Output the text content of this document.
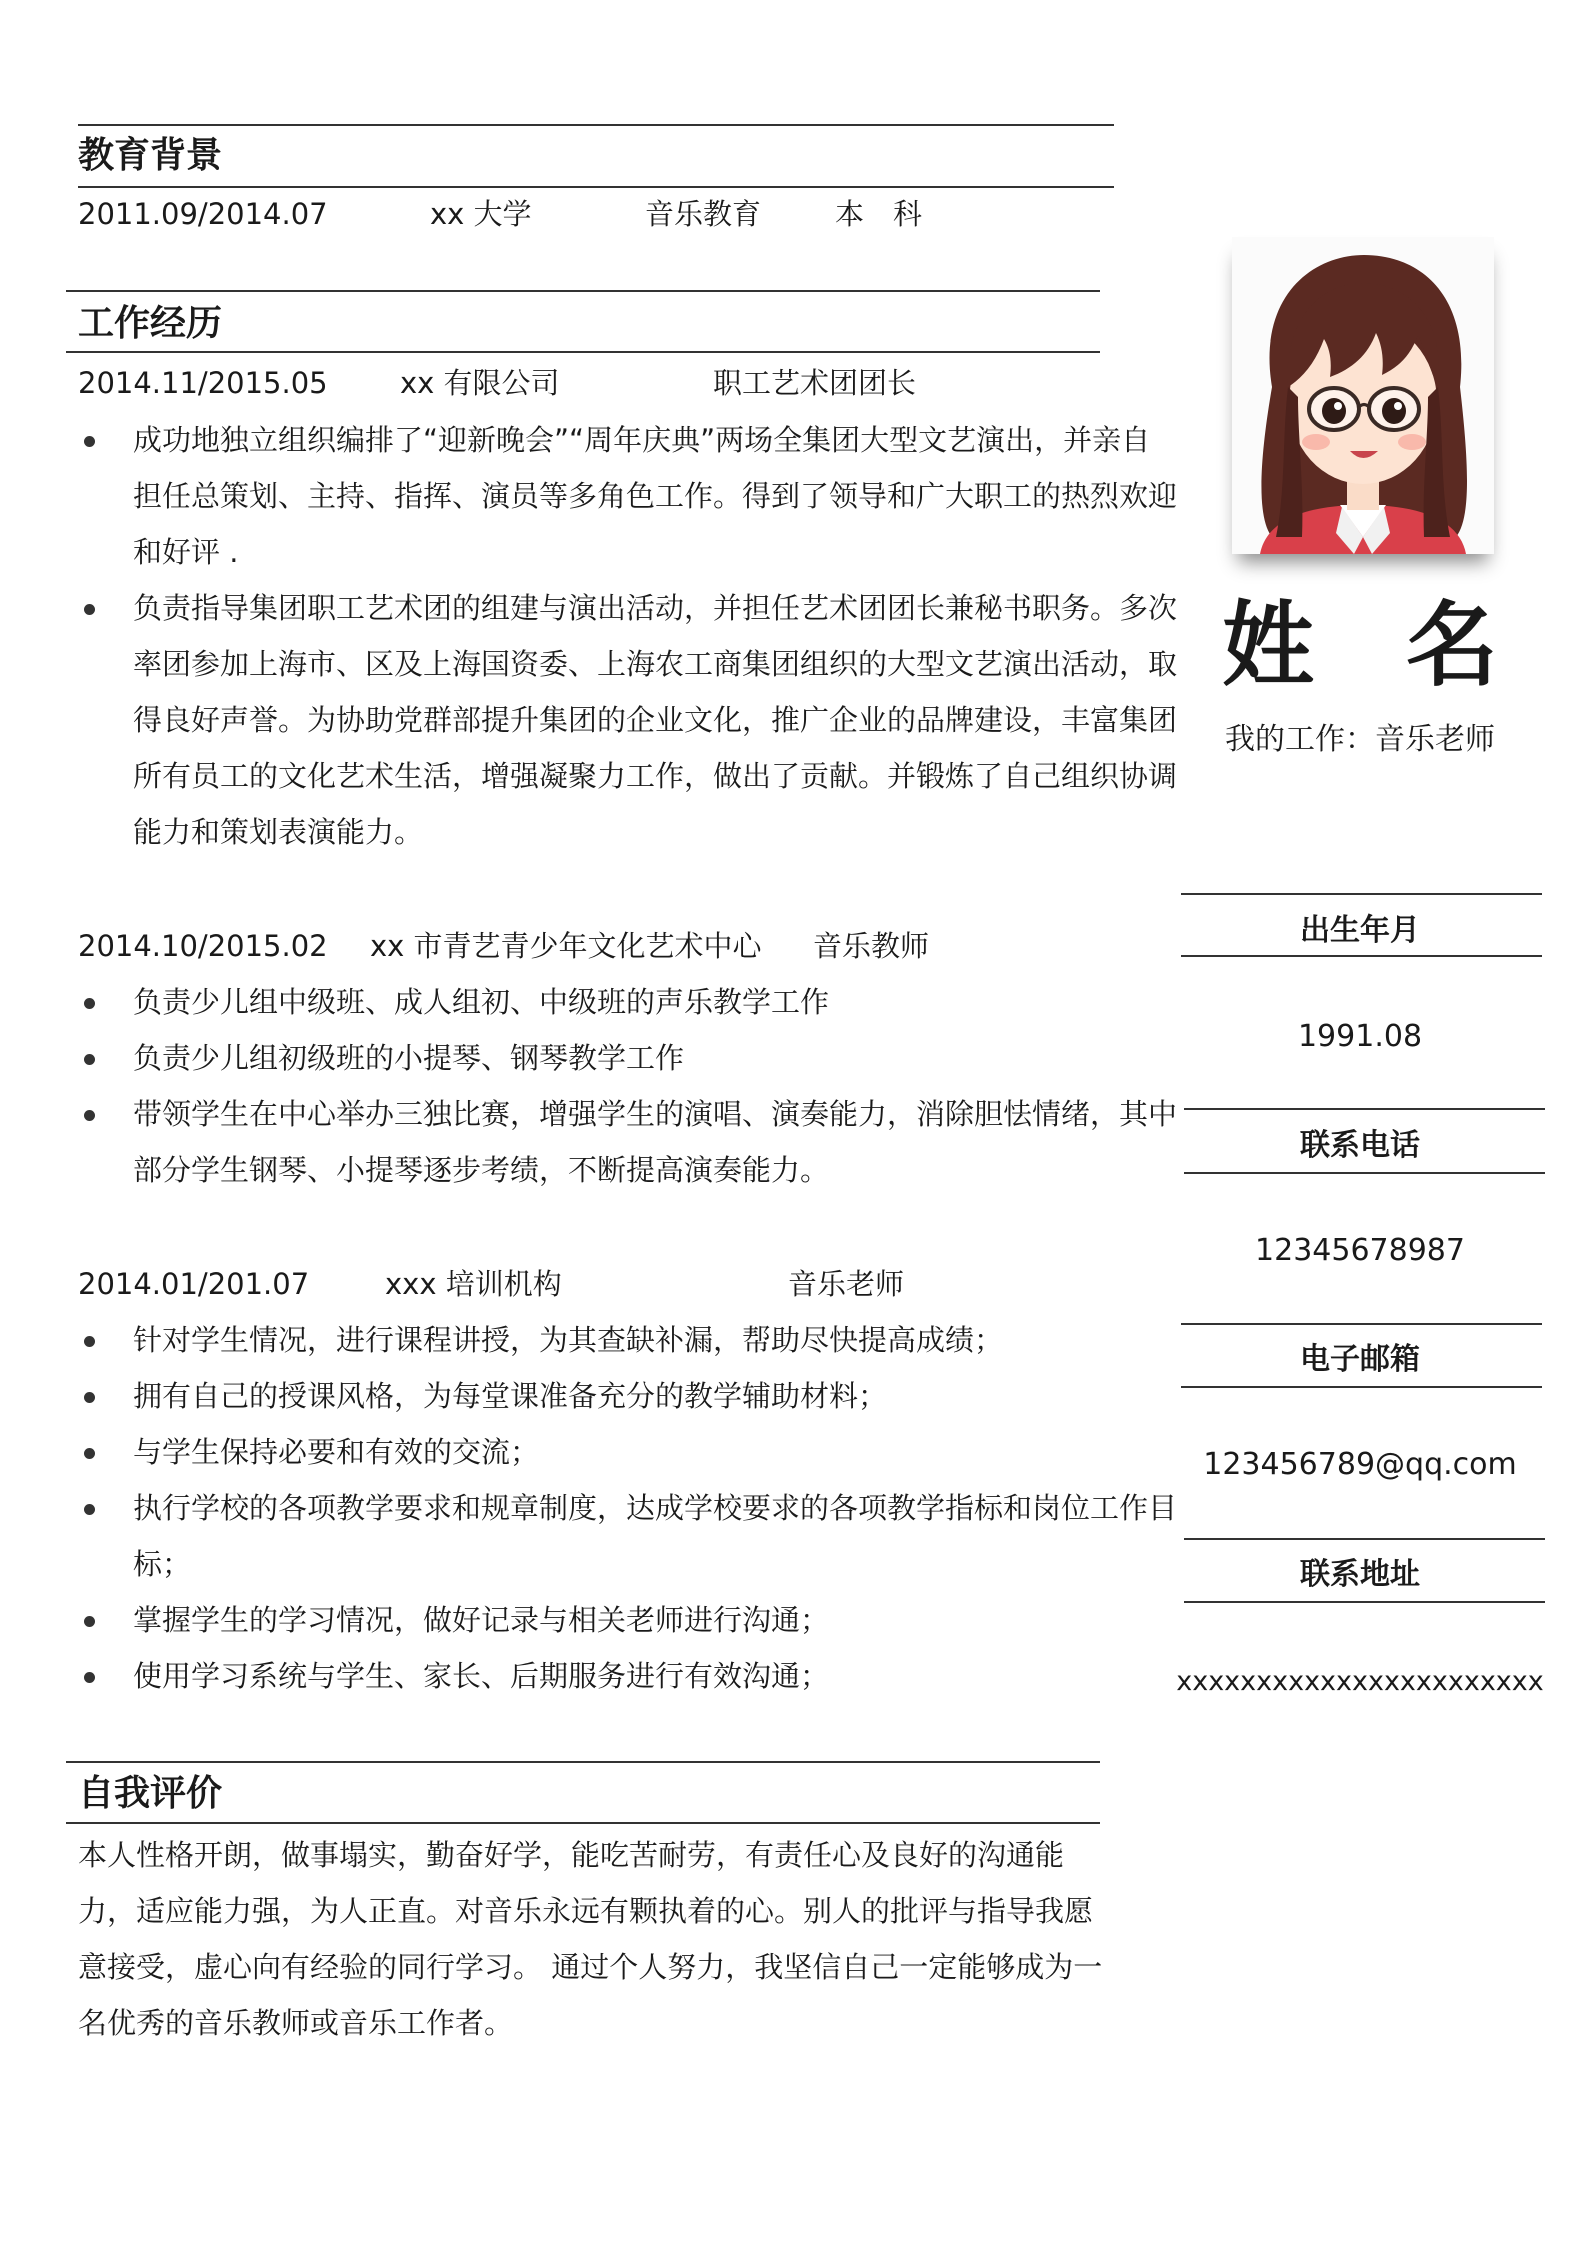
教育背景
2011.09/2014.07	xx 大学	音乐教育	本　科
工作经历
2014.11/2015.05 xx 有限公司	职工艺术团团长
成功地独立组织编排了“迎新晚会”“周年庆典”两场全集团大型文艺演出，并亲自担任总策划、主持、指挥、演员等多角色工作。得到了领导和广大职工的热烈欢迎和好评 .
负责指导集团职工艺术团的组建与演出活动，并担任艺术团团长兼秘书职务。多次率团参加上海市、区及上海国资委、上海农工商集团组织的大型文艺演出活动，取得良好声誉。为协助党群部提升集团的企业文化，推广企业的品牌建设，丰富集团所有员工的文化艺术生活，增强凝聚力工作，做出了贡献。并锻炼了自己组织协调能力和策划表演能力。
2014.10/2015.02 xx 市青艺青少年文化艺术中心 音乐教师
负责少儿组中级班、成人组初、中级班的声乐教学工作
负责少儿组初级班的小提琴、钢琴教学工作
带领学生在中心举办三独比赛，增强学生的演唱、演奏能力，消除胆怯情绪，其中部分学生钢琴、小提琴逐步考绩，不断提高演奏能力。
2014.01/201.07	xxx 培训机构	音乐老师
针对学生情况，进行课程讲授，为其查缺补漏，帮助尽快提高成绩；
拥有自己的授课风格，为每堂课准备充分的教学辅助材料；
与学生保持必要和有效的交流；
执行学校的各项教学要求和规章制度，达成学校要求的各项教学指标和岗位工作目标；
掌握学生的学习情况，做好记录与相关老师进行沟通；
使用学习系统与学生、家长、后期服务进行有效沟通；
自我评价

本人性格开朗，做事塌实，勤奋好学，能吃苦耐劳，有责任心及良好的沟通能力，适应能力强，为人正直。对音乐永远有颗执着的心。别人的批评与指导我愿意接受，虚心向有经验的同行学习。 通过个人努力，我坚信自己一定能够成为一名优秀的音乐教师或音乐工作者。

姓　名
我的工作：音乐老师
出生年月
1991.08
联系电话
12345678987
电子邮箱
123456789@qq.com
联系地址
xxxxxxxxxxxxxxxxxxxxxxx
